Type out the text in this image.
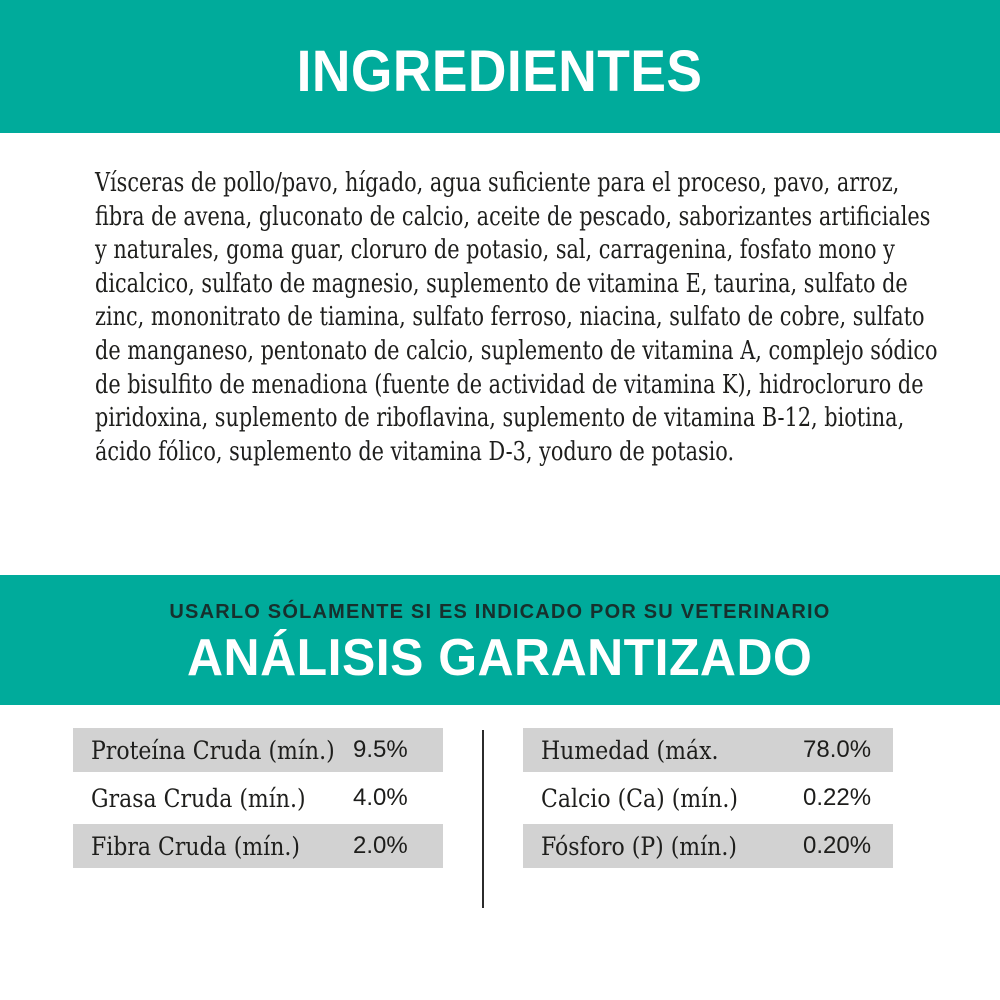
INGREDIENTES

Vísceras de pollo/pavo, hígado, agua suficiente para el proceso, pavo, arroz, fibra de avena, gluconato de calcio, aceite de pescado, saborizantes artificiales y naturales, goma guar, cloruro de potasio, sal, carragenina, fosfato mono y dicalcico, sulfato de magnesio, suplemento de vitamina E, taurina, sulfato de zinc, mononitrato de tiamina, sulfato ferroso, niacina, sulfato de cobre, sulfato de manganeso, pentonato de calcio, suplemento de vitamina A, complejo sódico de bisulfito de menadiona (fuente de actividad de vitamina K), hidrocloruro de piridoxina, suplemento de riboflavina, suplemento de vitamina B-12, biotina, ácido fólico, suplemento de vitamina D-3, yoduro de potasio.

USARLO SÓLAMENTE SI ES INDICADO POR SU VETERINARIO
ANÁLISIS GARANTIZADO
Proteína Cruda (mín.) 9.5%
Grasa Cruda (mín.) 4.0%
Fibra Cruda (mín.) 2.0%
Humedad (máx.	78.0%
Calcio (Ca) (mín.)	0.22%
Fósforo (P) (mín.)	0.20%
